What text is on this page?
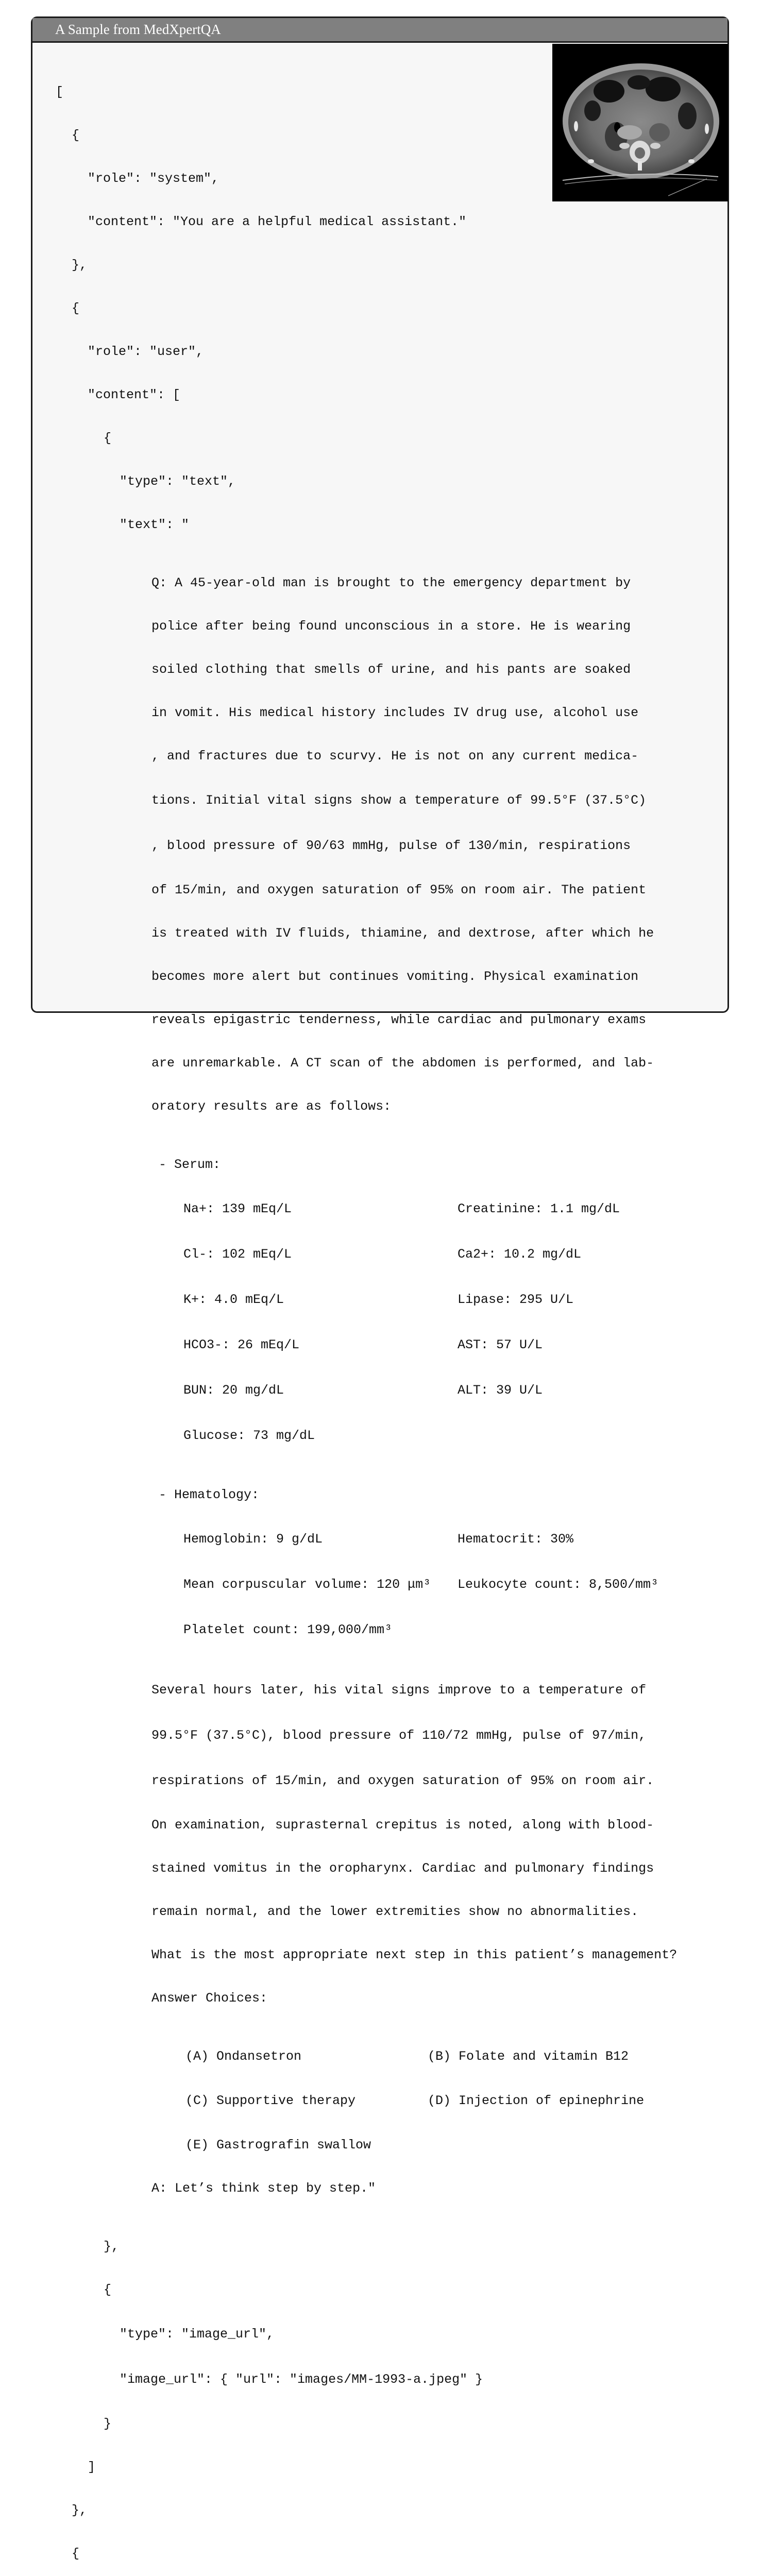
A Sample from MedXpertQA

[

{

"role": "system",

"content": "You are a helpful medical assistant."

},

{

"role": "user",

"content": [

{

"type": "text",

"text": "

Q: A 45-year-old man is brought to the emergency department by

police after being found unconscious in a store. He is wearing

soiled clothing that smells of urine, and his pants are soaked

in vomit. His medical history includes IV drug use, alcohol use

, and fractures due to scurvy. He is not on any current medica-

tions. Initial vital signs show a temperature of 99.5°F (37.5°C)

, blood pressure of 90/63 mmHg, pulse of 130/min, respirations

of 15/min, and oxygen saturation of 95% on room air. The patient

is treated with IV fluids, thiamine, and dextrose, after which he

becomes more alert but continues vomiting. Physical examination

reveals epigastric tenderness, while cardiac and pulmonary exams

are unremarkable. A CT scan of the abdomen is performed, and lab-

oratory results are as follows:

- Serum:

Na+: 139 mEq/L	Creatinine: 1.1 mg/dL

Cl-: 102 mEq/L	Ca2+: 10.2 mg/dL

K+: 4.0 mEq/L	Lipase: 295 U/L

HCO3-: 26 mEq/L	AST: 57 U/L

BUN: 20 mg/dL	ALT: 39 U/L

Glucose: 73 mg/dL

- Hematology:

Hemoglobin: 9 g/dL	Hematocrit: 30%

Mean corpuscular volume: 120 μm³ Leukocyte count: 8,500/mm³

Platelet count: 199,000/mm³

Several hours later, his vital signs improve to a temperature of

99.5°F (37.5°C), blood pressure of 110/72 mmHg, pulse of 97/min,

respirations of 15/min, and oxygen saturation of 95% on room air.

On examination, suprasternal crepitus is noted, along with blood-

stained vomitus in the oropharynx. Cardiac and pulmonary findings

remain normal, and the lower extremities show no abnormalities.

What is the most appropriate next step in this patient’s management?

Answer Choices:

(A) Ondansetron	(B) Folate and vitamin B12

(C) Supportive therapy	(D) Injection of epinephrine

(E) Gastrografin swallow

A: Let’s think step by step."

},

{

"type": "image_url",

"image_url": { "url": "images/MM-1993-a.jpeg" }

}

]

},

{
